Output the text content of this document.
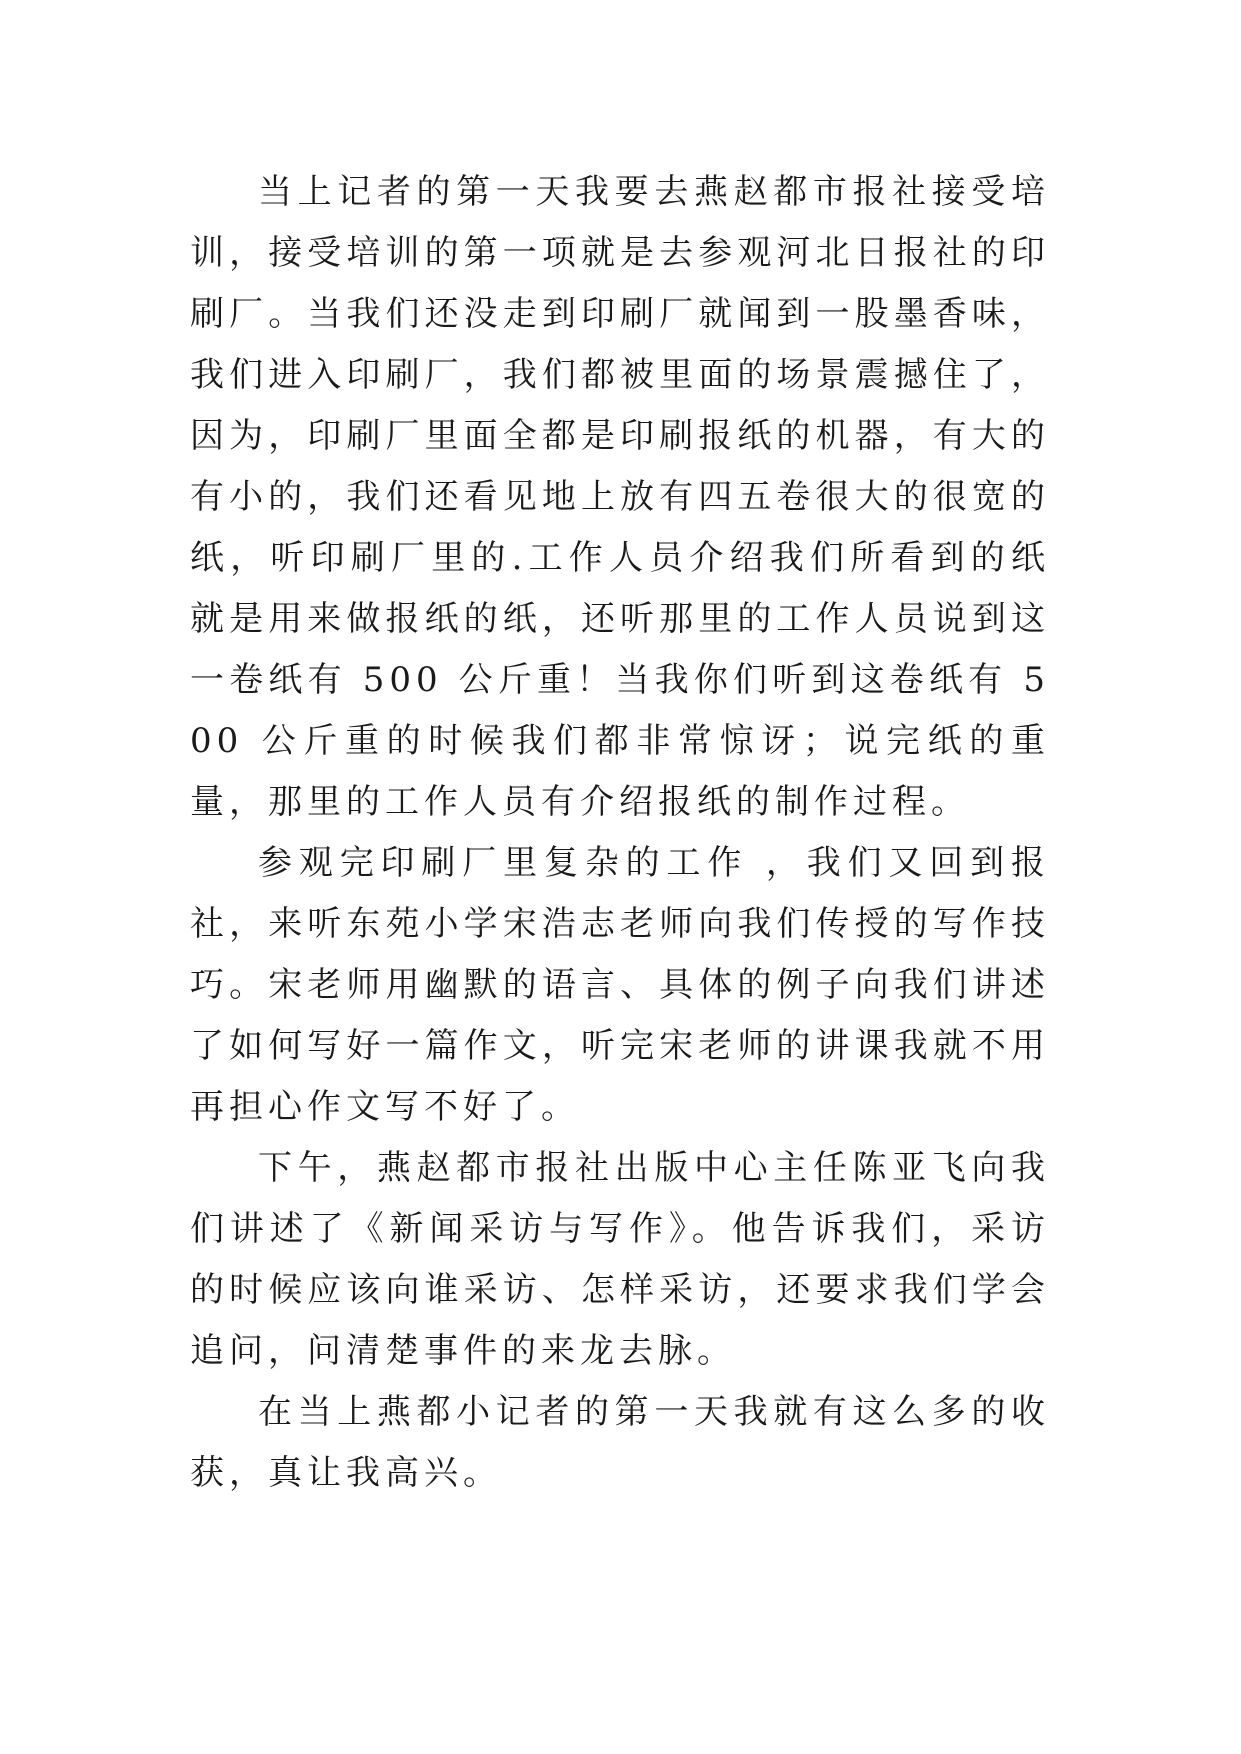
当上记者的第一天我要去燕赵都市报社接受培训，接受培训的第一项就是去参观河北日报社的印刷厂。当我们还没走到印刷厂就闻到一股墨香味，我们进入印刷厂，我们都被里面的场景震撼住了，因为，印刷厂里面全都是印刷报纸的机器，有大的有小的，我们还看见地上放有四五卷很大的很宽的纸，听印刷厂里的.工作人员介绍我们所看到的纸就是用来做报纸的纸，还听那里的工作人员说到这一卷纸有 500 公斤重！当我你们听到这卷纸有 500 公斤重的时候我们都非常惊讶；说完纸的重量，那里的工作人员有介绍报纸的制作过程。

参观完印刷厂里复杂的工作 ，我们又回到报社，来听东苑小学宋浩志老师向我们传授的写作技巧。宋老师用幽默的语言、具体的例子向我们讲述了如何写好一篇作文，听完宋老师的讲课我就不用再担心作文写不好了。

下午，燕赵都市报社出版中心主任陈亚飞向我们讲述了《新闻采访与写作》。他告诉我们，采访的时候应该向谁采访、怎样采访，还要求我们学会追问，问清楚事件的来龙去脉。

在当上燕都小记者的第一天我就有这么多的收获，真让我高兴。
